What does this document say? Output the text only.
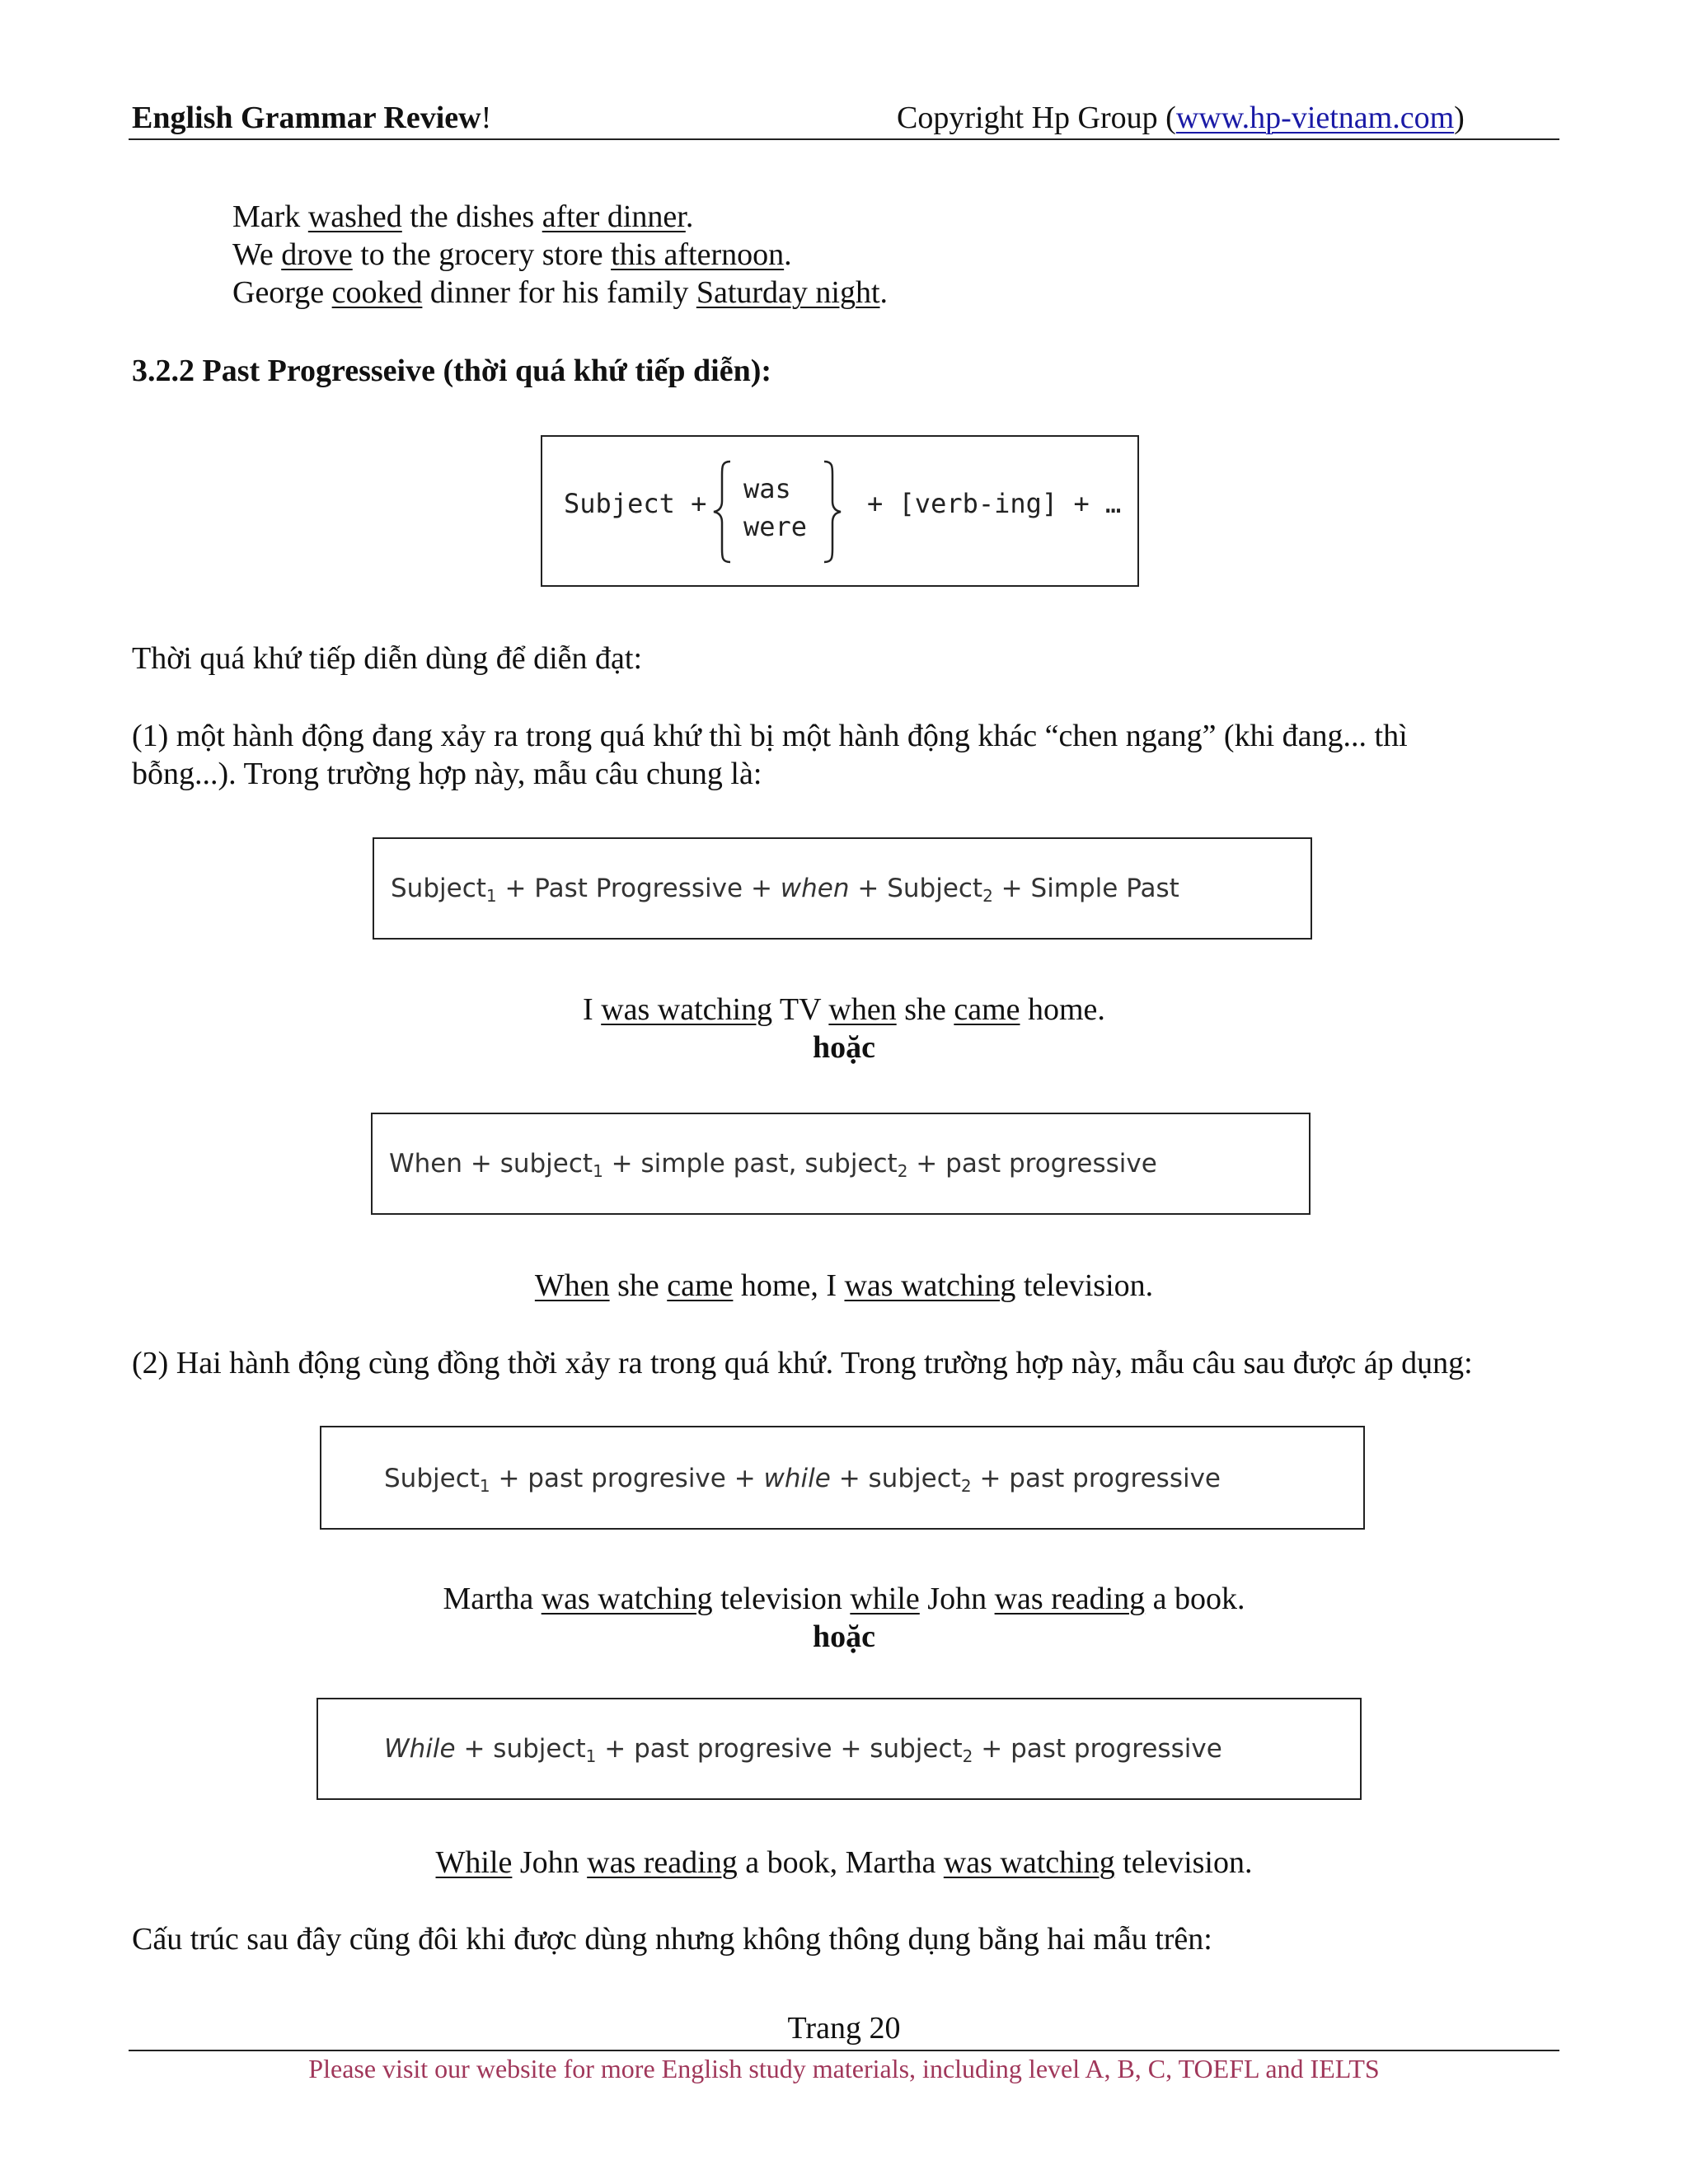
English Grammar Review!	Copyright Hp Group (www.hp-vietnam.com)
Mark washed the dishes after dinner.
We drove to the grocery store this afternoon.
George cooked dinner for his family Saturday night.
3.2.2 Past Progresseive (thời quá khứ tiếp diễn):
Subject + was
were
+ [verb-ing] + …
Thời quá khứ tiếp diễn dùng để diễn đạt:
(1) một hành động đang xảy ra trong quá khứ thì bị một hành động khác “chen ngang” (khi đang... thì
bỗng...). Trong trường hợp này, mẫu câu chung là:
Subject$_1$ + Past Progressive + when + Subject$_2$ + Simple Past
I was watching TV when she came home.
hoặc
When + subject$_1$ + simple past, subject$_2$ + past progressive
When she came home, I was watching television.
(2) Hai hành động cùng đồng thời xảy ra trong quá khứ. Trong trường hợp này, mẫu câu sau được áp dụng:
Subject$_1$ + past progresive + while + subject$_2$ + past progressive
Martha was watching television while John was reading a book.
hoặc
While + subject$_1$ + past progresive + subject$_2$ + past progressive
While John was reading a book, Martha was watching television.
Cấu trúc sau đây cũng đôi khi được dùng nhưng không thông dụng bằng hai mẫu trên:
Trang 20
Please visit our website for more English study materials, including level A, B, C, TOEFL and IELTS
